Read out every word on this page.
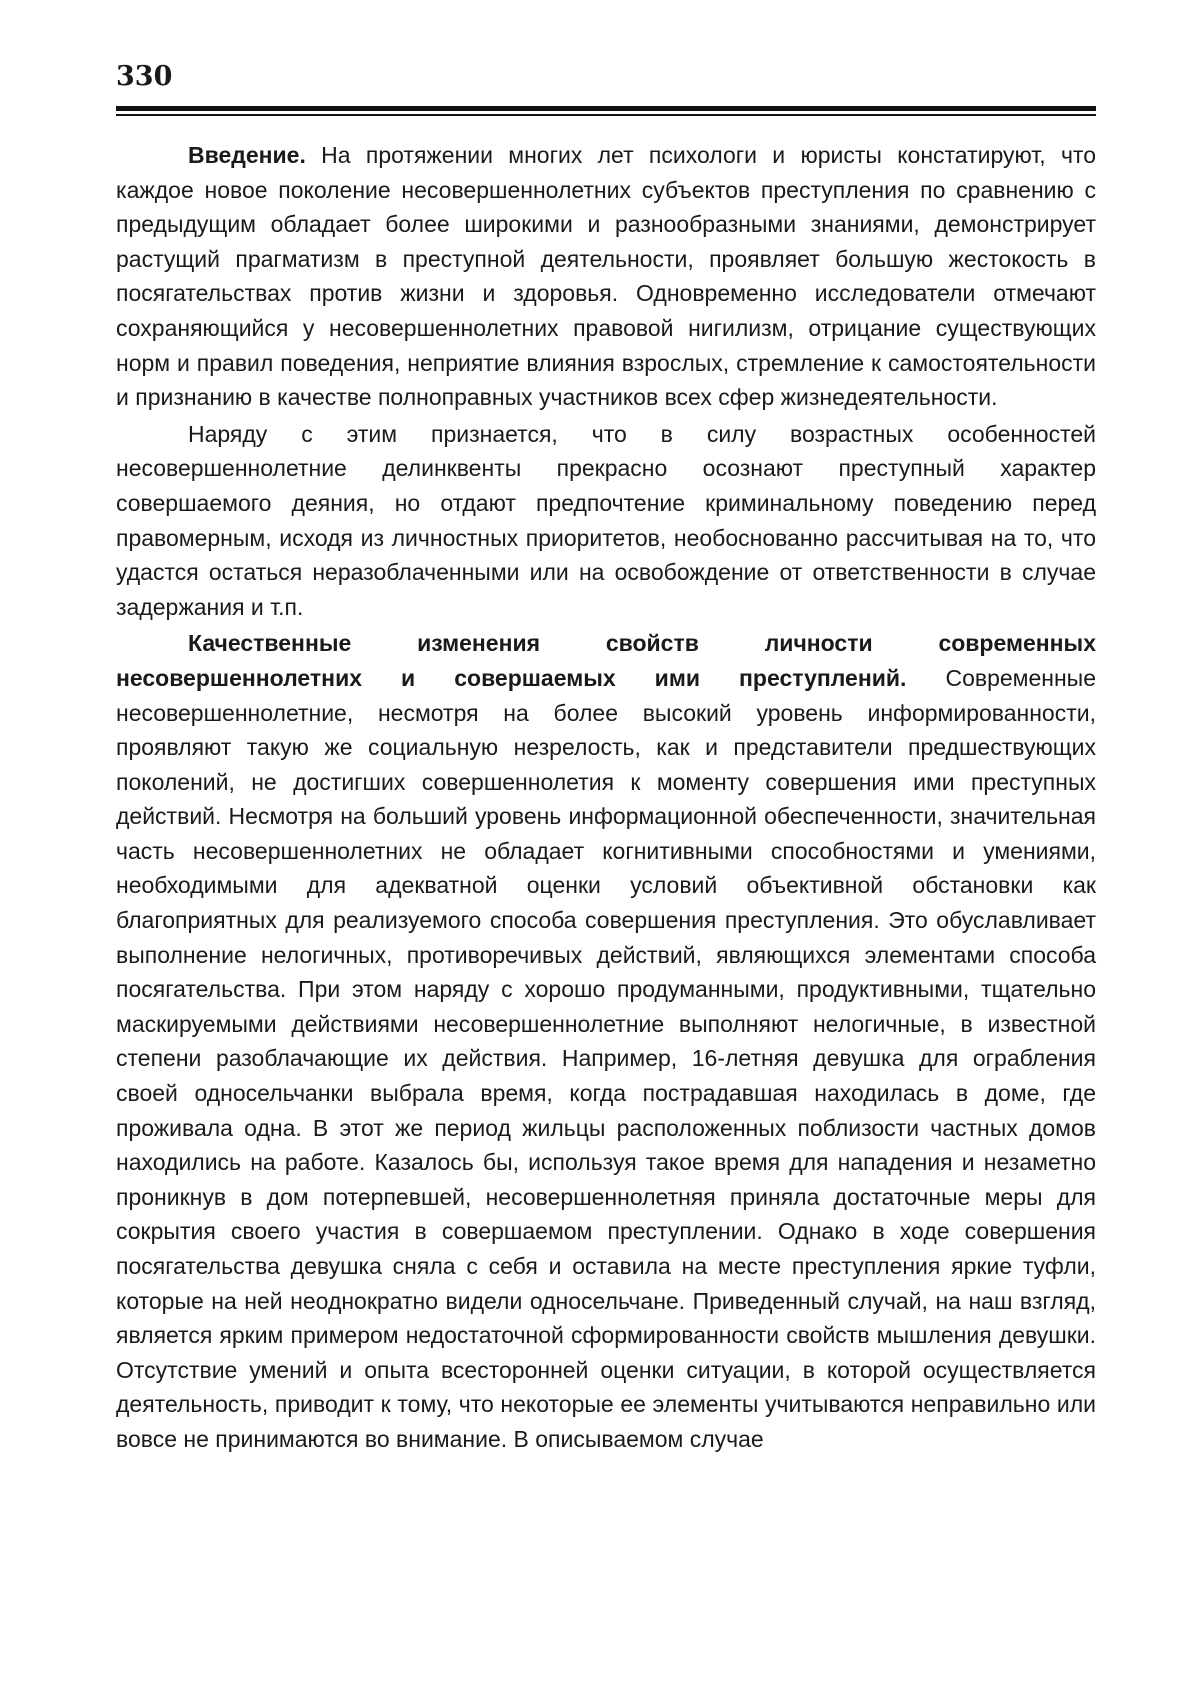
330

Введение. На протяжении многих лет психологи и юристы констатируют, что каждое новое поколение несовершеннолетних субъектов преступления по сравнению с предыдущим обладает более широкими и разнообразными знаниями, демонстрирует растущий прагматизм в преступной деятельности, проявляет большую жестокость в посягательствах против жизни и здоровья. Одновременно исследователи отмечают сохраняющийся у несовершеннолетних правовой нигилизм, отрицание существующих норм и правил поведения, неприятие влияния взрослых, стремление к самостоятельности и признанию в качестве полноправных участников всех сфер жизнедеятельности.

Наряду с этим признается, что в силу возрастных особенностей несовершеннолетние делинквенты прекрасно осознают преступный характер совершаемого деяния, но отдают предпочтение криминальному поведению перед правомерным, исходя из личностных приоритетов, необоснованно рассчитывая на то, что удастся остаться неразоблаченными или на освобождение от ответственности в случае задержания и т.п.

Качественные изменения свойств личности современных несовершеннолетних и совершаемых ими преступлений. Современные несовершеннолетние, несмотря на более высокий уровень информированности, проявляют такую же социальную незрелость, как и представители предшествующих поколений, не достигших совершеннолетия к моменту совершения ими преступных действий. Несмотря на больший уровень информационной обеспеченности, значительная часть несовершеннолетних не обладает когнитивными способностями и умениями, необходимыми для адекватной оценки условий объективной обстановки как благоприятных для реализуемого способа совершения преступления. Это обуславливает выполнение нелогичных, противоречивых действий, являющихся элементами способа посягательства. При этом наряду с хорошо продуманными, продуктивными, тщательно маскируемыми действиями несовершеннолетние выполняют нелогичные, в известной степени разоблачающие их действия. Например, 16-летняя девушка для ограбления своей односельчанки выбрала время, когда пострадавшая находилась в доме, где проживала одна. В этот же период жильцы расположенных поблизости частных домов находились на работе. Казалось бы, используя такое время для нападения и незаметно проникнув в дом потерпевшей, несовершеннолетняя приняла достаточные меры для сокрытия своего участия в совершаемом преступлении. Однако в ходе совершения посягательства девушка сняла с себя и оставила на месте преступления яркие туфли, которые на ней неоднократно видели односельчане. Приведенный случай, на наш взгляд, является ярким примером недостаточной сформированности свойств мышления девушки. Отсутствие умений и опыта всесторонней оценки ситуации, в которой осуществляется деятельность, приводит к тому, что некоторые ее элементы учитываются неправильно или вовсе не принимаются во внимание. В описываемом случае
